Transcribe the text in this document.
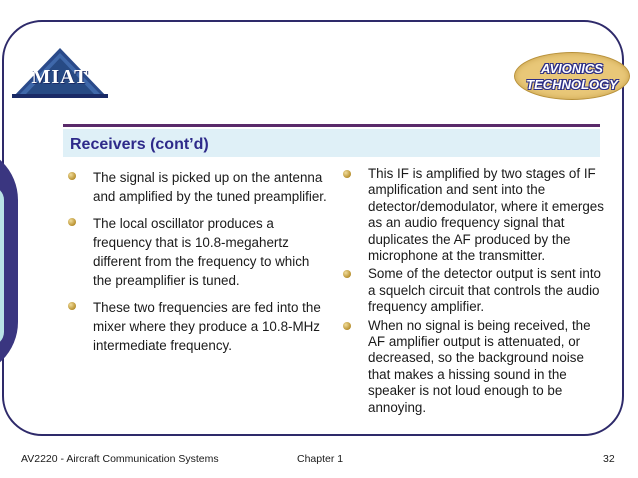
MIAT	AVIONICS
TECHNOLOGY
Receivers (cont’d)
The signal is picked up on the antenna and amplified by the tuned preamplifier.
The local oscillator produces a frequency that is 10.8-megahertz different from the frequency to which the preamplifier is tuned.
These two frequencies are fed into the mixer where they produce a 10.8-MHz intermediate frequency.
This IF is amplified by two stages of IF amplification and sent into the detector/demodulator, where it emerges as an audio frequency signal that duplicates the AF produced by the microphone at the transmitter.
Some of the detector output is sent into a squelch circuit that controls the audio frequency amplifier.
When no signal is being received, the AF amplifier output is attenuated, or decreased, so the background noise that makes a hissing sound in the speaker is not loud enough to be annoying.
AV2220 - Aircraft Communication Systems	Chapter 1	32
